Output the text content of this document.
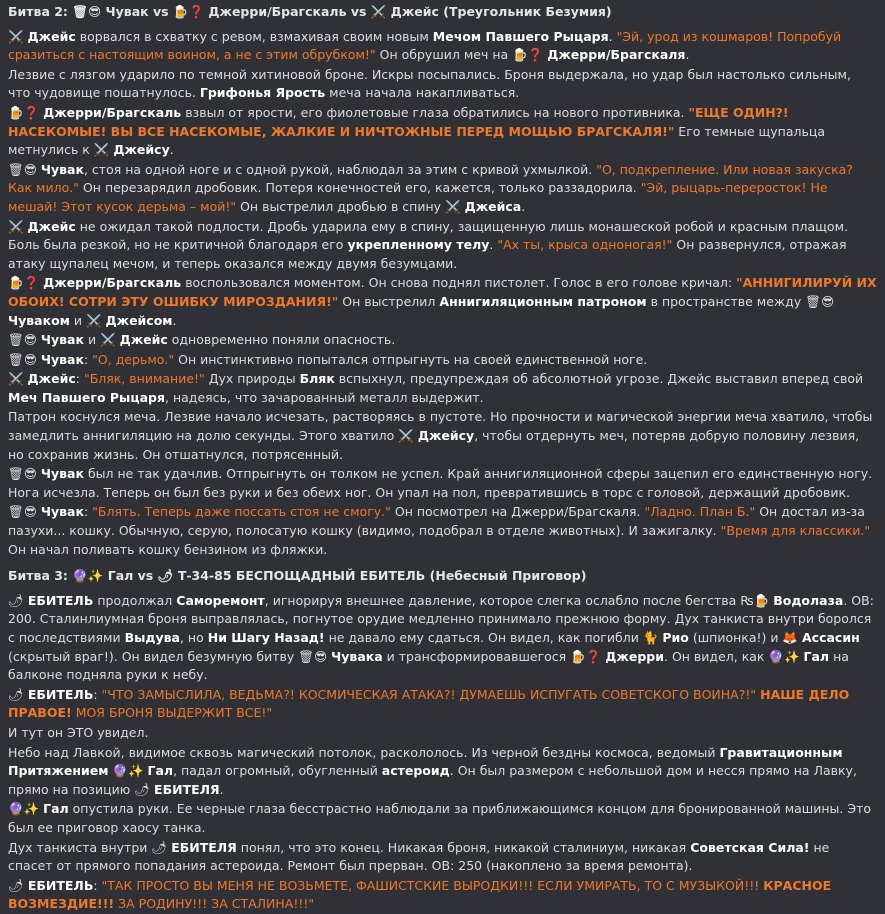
Битва 2: 🗑😎 Чувак vs 🍺❓ Джерри/Брагскаль vs ⚔️ Джейс (Треугольник Безумия)
⚔️ Джейс ворвался в схватку с ревом, взмахивая своим новым Мечом Павшего Рыцаря. "Эй, урод из кошмаров! Попробуй сразиться с настоящим воином, а не с этим обрубком!" Он обрушил меч на 🍺❓ Джерри/Брагскаля.
Лезвие с лязгом ударило по темной хитиновой броне. Искры посыпались. Броня выдержала, но удар был настолько сильным, что чудовище пошатнулось. Грифонья Ярость меча начала накапливаться.
🍺❓ Джерри/Брагскаль взвыл от ярости, его фиолетовые глаза обратились на нового противника. "ЕЩЕ ОДИН?! НАСЕКОМЫЕ! ВЫ ВСЕ НАСЕКОМЫЕ, ЖАЛКИЕ И НИЧТОЖНЫЕ ПЕРЕД МОЩЬЮ БРАГСКАЛЯ!" Его темные щупальца метнулись к ⚔️ Джейсу.
🗑😎 Чувак, стоя на одной ноге и с одной рукой, наблюдал за этим с кривой ухмылкой. "О, подкрепление. Или новая закуска? Как мило." Он перезарядил дробовик. Потеря конечностей его, кажется, только раззадорила. "Эй, рыцарь-переросток! Не мешай! Этот кусок дерьма – мой!" Он выстрелил дробью в спину ⚔️ Джейса.
⚔️ Джейс не ожидал такой подлости. Дробь ударила ему в спину, защищенную лишь монашеской робой и красным плащом. Боль была резкой, но не критичной благодаря его укрепленному телу. "Ах ты, крыса одноногая!" Он развернулся, отражая атаку щупалец мечом, и теперь оказался между двумя безумцами.
🍺❓ Джерри/Брагскаль воспользовался моментом. Он снова поднял пистолет. Голос в его голове кричал: "АННИГИЛИРУЙ ИХ ОБОИХ! СОТРИ ЭТУ ОШИБКУ МИРОЗДАНИЯ!" Он выстрелил Аннигиляционным патроном в пространстве между 🗑😎 Чуваком и ⚔️ Джейсом.
🗑😎 Чувак и ⚔️ Джейс одновременно поняли опасность.
🗑😎 Чувак: "О, дерьмо." Он инстинктивно попытался отпрыгнуть на своей единственной ноге.
⚔️ Джейс: "Бляк, внимание!" Дух природы Бляк вспыхнул, предупреждая об абсолютной угрозе. Джейс выставил вперед свой Меч Павшего Рыцаря, надеясь, что зачарованный металл выдержит.
Патрон коснулся меча. Лезвие начало исчезать, растворяясь в пустоте. Но прочности и магической энергии меча хватило, чтобы замедлить аннигиляцию на долю секунды. Этого хватило ⚔️ Джейсу, чтобы отдернуть меч, потеряв добрую половину лезвия, но сохранив жизнь. Он отшатнулся, потрясенный.
🗑😎 Чувак был не так удачлив. Отпрыгнуть он толком не успел. Край аннигиляционной сферы зацепил его единственную ногу. Нога исчезла. Теперь он был без руки и без обеих ног. Он упал на пол, превратившись в торс с головой, держащий дробовик.
🗑😎 Чувак: "Блять. Теперь даже поссать стоя не смогу." Он посмотрел на Джерри/Брагскаля. "Ладно. План Б." Он достал из-за пазухи... кошку. Обычную, серую, полосатую кошку (видимо, подобрал в отделе животных). И зажигалку. "Время для классики." Он начал поливать кошку бензином из фляжки.
Битва 3: 🔮✨ Гал vs 🌶 Т-34-85 БЕСПОЩАДНЫЙ ЕБИТЕЛЬ (Небесный Приговор)
🌶 ЕБИТЕЛЬ продолжал Саморемонт, игнорируя внешнее давление, которое слегка ослабло после бегства ₨🍺 Водолаза. ОВ: 200. Сталинлиумная броня выправлялась, погнутое орудие медленно принимало прежнюю форму. Дух танкиста внутри боролся с последствиями Выдува, но Ни Шагу Назад! не давало ему сдаться. Он видел, как погибли 🐈 Рио (шпионка!) и 🦊 Ассасин (скрытый враг!). Он видел безумную битву 🗑😎 Чувака и трансформировавшегося 🍺❓ Джерри. Он видел, как 🔮✨ Гал на балконе подняла руки к небу.
🌶 ЕБИТЕЛЬ: "ЧТО ЗАМЫСЛИЛА, ВЕДЬМА?! КОСМИЧЕСКАЯ АТАКА?! ДУМАЕШЬ ИСПУГАТЬ СОВЕТСКОГО ВОИНА?!" НАШЕ ДЕЛО ПРАВОЕ! МОЯ БРОНЯ ВЫДЕРЖИТ ВСЕ!"
И тут он ЭТО увидел.
Небо над Лавкой, видимое сквозь магический потолок, раскололось. Из черной бездны космоса, ведомый Гравитационным Притяжением 🔮✨ Гал, падал огромный, обугленный астероид. Он был размером с небольшой дом и несся прямо на Лавку, прямо на позицию 🌶 ЕБИТЕЛЯ.
🔮✨ Гал опустила руки. Ее черные глаза бесстрастно наблюдали за приближающимся концом для бронированной машины. Это был ее приговор хаосу танка.
Дух танкиста внутри 🌶 ЕБИТЕЛЯ понял, что это конец. Никакая броня, никакой сталиниум, никакая Советская Сила! не спасет от прямого попадания астероида. Ремонт был прерван. ОВ: 250 (накоплено за время ремонта).
🌶 ЕБИТЕЛЬ: "ТАК ПРОСТО ВЫ МЕНЯ НЕ ВОЗЬМЕТЕ, ФАШИСТСКИЕ ВЫРОДКИ!!! ЕСЛИ УМИРАТЬ, ТО С МУЗЫКОЙ!!! КРАСНОЕ ВОЗМЕЗДИЕ!!! ЗА РОДИНУ!!! ЗА СТАЛИНА!!!"
